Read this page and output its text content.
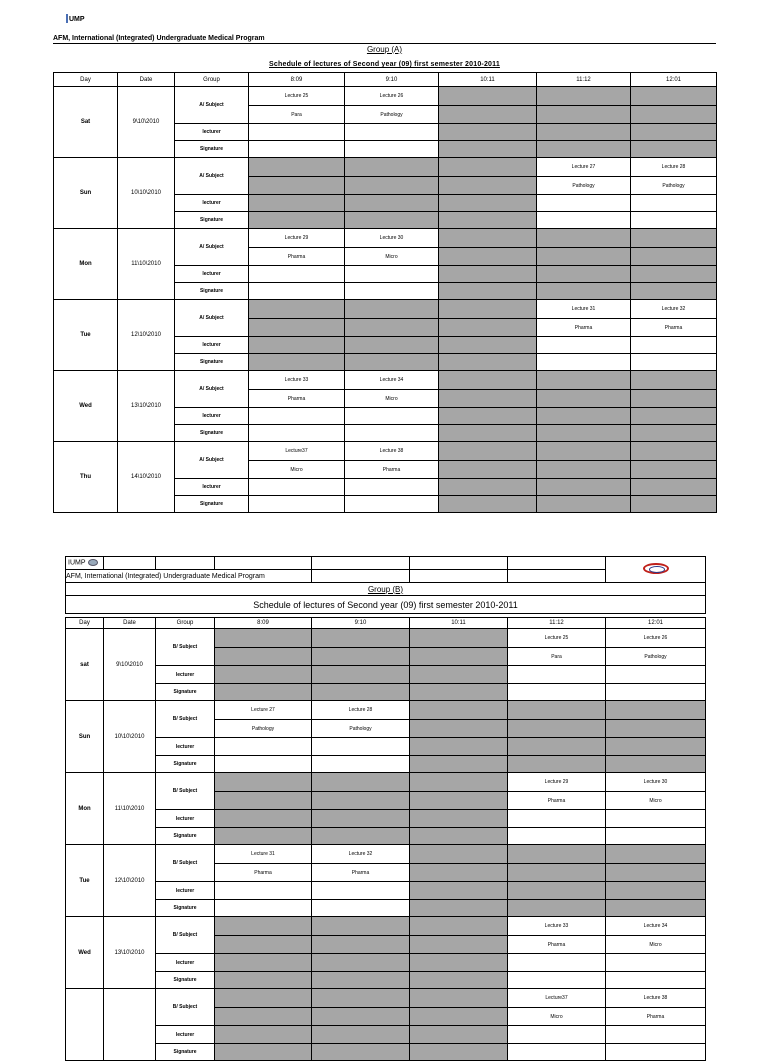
UMP
AFM, International (Integrated) Undergraduate Medical Program
Group (A)
Schedule of lectures of Second year (09) first semester 2010-2011
Day	Date	Group	8:09	9:10	10:11	11:12	12:01
Sat	9\10\2010	A/ Subject	Lecture 25	Lecture 26			
			Para	Pathology			
		lecturer					
		Signature					
Sun	10\10\2010	A/ Subject				Lecture 27	Lecture 28
						Pathology	Pathology
		lecturer					
		Signature					
Mon	11\10\2010	A/ Subject	Lecture 29	Lecture 30			
			Pharma	Micro			
		lecturer					
		Signature					
Tue	12\10\2010	A/ Subject				Lecture 31	Lecture 32
						Pharma	Pharma
		lecturer					
		Signature					
Wed	13\10\2010	A/ Subject	Lecture 33	Lecture 34			
			Pharma	Micro			
		lecturer					
		Signature					
Thu	14\10\2010	A/ Subject	Lecture37	Lecture 38			
			Micro	Pharma			
		lecturer					
		Signature					
IUMP							
AFM, International (Integrated) Undergraduate Medical Program							
Group (B)							
Schedule of lectures of Second year (09) first semester 2010-2011							
Day	Date	Group	8:09	9:10	10:11	11:12	12:01
sat	9\10\2010	B/ Subject				Lecture 25	Lecture 26
						Para	Pathology
		lecturer					
		Signature					
Sun	10\10\2010	B/ Subject	Lecture 27	Lecture 28			
			Pathology	Pathology			
		lecturer					
		Signature					
Mon	11\10\2010	B/ Subject				Lecture 29	Lecture 30
						Pharma	Micro
		lecturer					
		Signature					
Tue	12\10\2010	B/ Subject	Lecture 31	Lecture 32			
			Pharma	Pharma			
		lecturer					
		Signature					
Wed	13\10\2010	B/ Subject				Lecture 33	Lecture 34
						Pharma	Micro
		lecturer					
		Signature					
		B/ Subject				Lecture37	Lecture 38
						Micro	Pharma
		lecturer					
		Signature					
